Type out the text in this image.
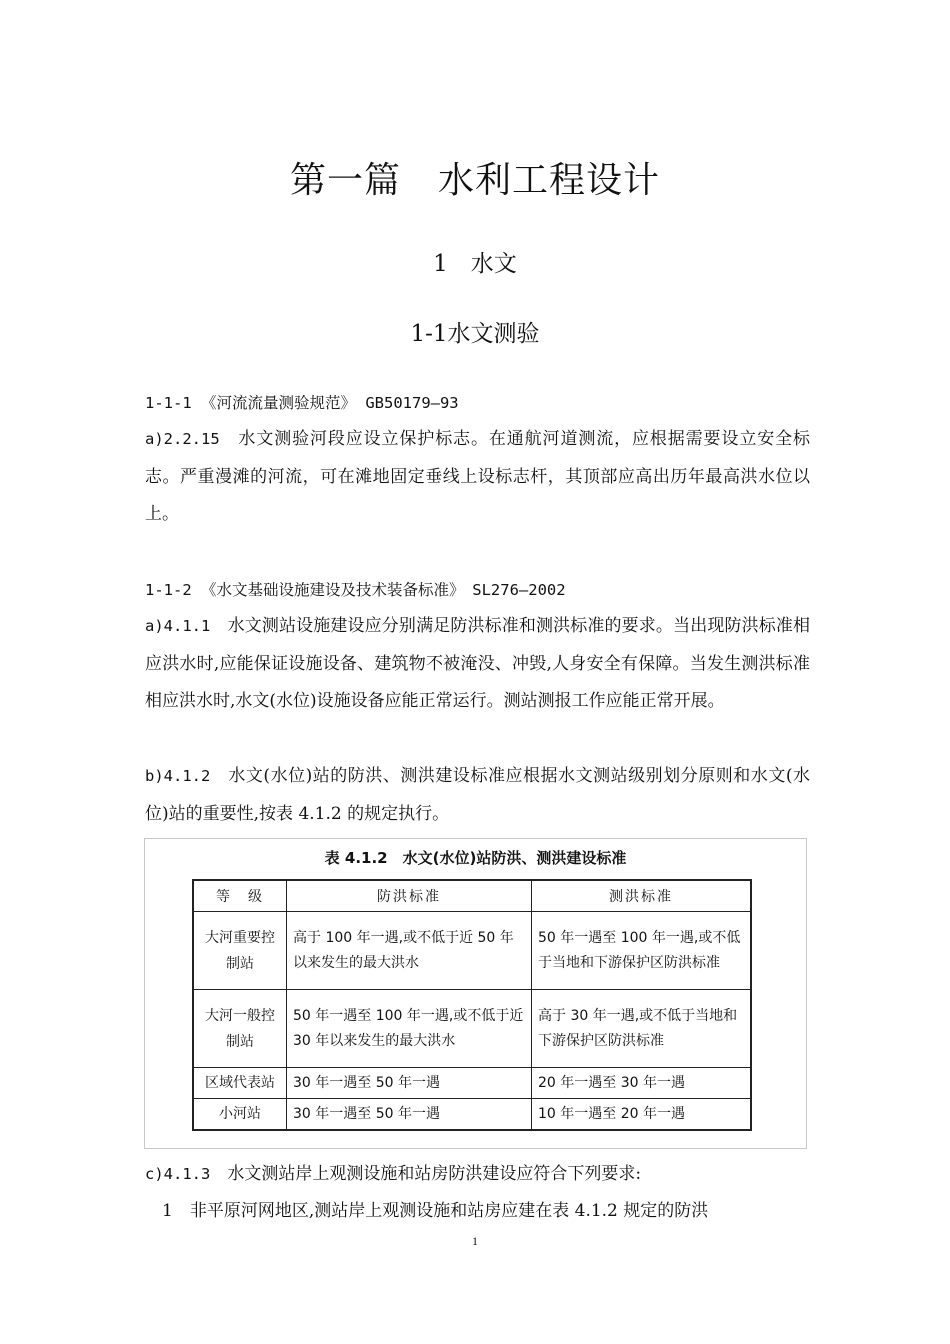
第一篇　水利工程设计
1　水文
1-1水文测验
1-1-1 《河流流量测验规范》 GB50179—93
a)2.2.15　水文测验河段应设立保护标志。在通航河道测流，应根据需要设立安全标志。严重漫滩的河流，可在滩地固定垂线上设标志杆，其顶部应高出历年最高洪水位以上。
1-1-2 《水文基础设施建设及技术装备标准》　SL276—2002
a)4.1.1　水文测站设施建设应分别满足防洪标准和测洪标准的要求。当出现防洪标准相应洪水时,应能保证设施设备、建筑物不被淹没、冲毁,人身安全有保障。当发生测洪标准相应洪水时,水文(水位)设施设备应能正常运行。测站测报工作应能正常开展。
b)4.1.2　水文(水位)站的防洪、测洪建设标准应根据水文测站级别划分原则和水文(水位)站的重要性,按表 4.1.2 的规定执行。
表 4.1.2　水文(水位)站防洪、测洪建设标准
等　级	防洪标准	测洪标准
大河重要控制站	高于 100 年一遇,或不低于近 50 年以来发生的最大洪水	50 年一遇至 100 年一遇,或不低于当地和下游保护区防洪标准
大河一般控制站	50 年一遇至 100 年一遇,或不低于近 30 年以来发生的最大洪水	高于 30 年一遇,或不低于当地和下游保护区防洪标准
区域代表站	30 年一遇至 50 年一遇	20 年一遇至 30 年一遇
小河站	30 年一遇至 50 年一遇	10 年一遇至 20 年一遇
c)4.1.3　水文测站岸上观测设施和站房防洪建设应符合下列要求:
　1　非平原河网地区,测站岸上观测设施和站房应建在表 4.1.2 规定的防洪
1
